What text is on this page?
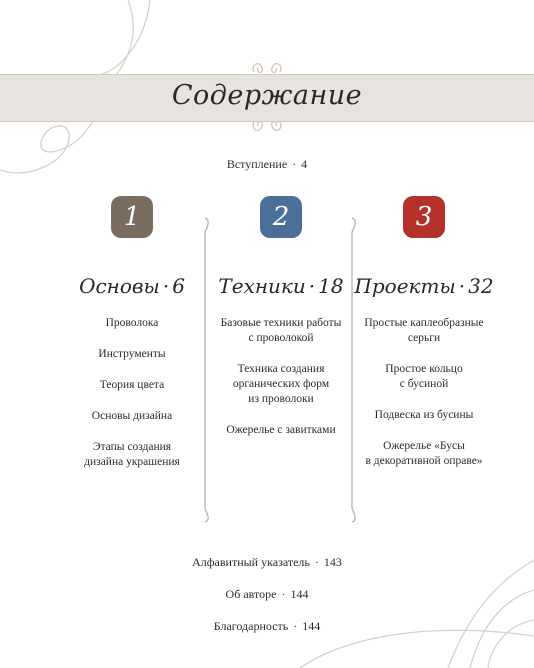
Содержание
Вступление · 4
1
Основы · 6
Проволока
Инструменты
Теория цвета
Основы дизайна
Этапы создания
дизайна украшения
2
Техники · 18
Базовые техники работы
с проволокой
Техника создания
органических форм
из проволоки
Ожерелье с завитками
3
Проекты · 32
Простые каплеобразные
серьги
Простое кольцо
с бусиной
Подвеска из бусины
Ожерелье «Бусы
в декоративной оправе»
Алфавитный указатель · 143
Об авторе · 144
Благодарность · 144
